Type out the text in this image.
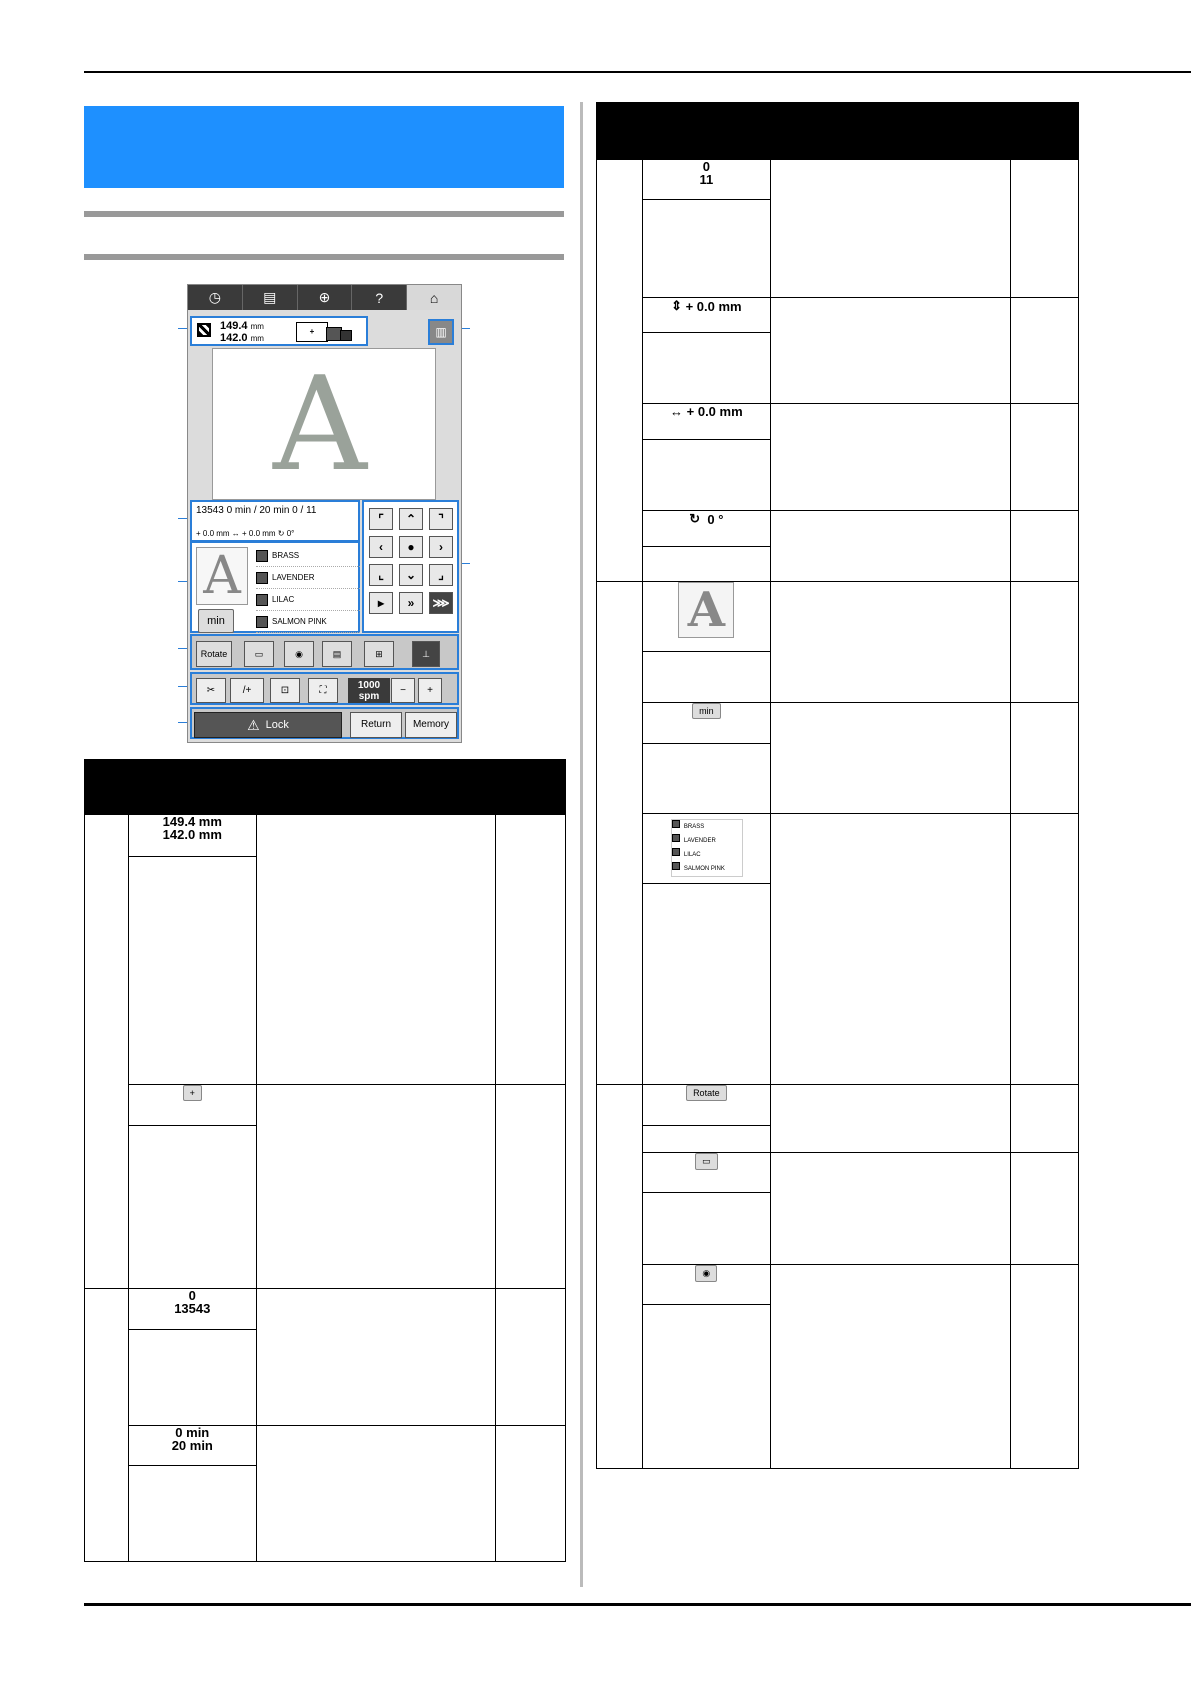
◷	▤	⊕	?	⌂
149.4 mm
142.0 mm
+	▥
A
13543 0 min / 20 min 0 / 11
+ 0.0 mm ↔ + 0.0 mm ↻ 0°
A
min
BRASS
LAVENDER
LILAC
SALMON PINK
⌜	⌃	⌝
‹	●	›
⌞	⌄	⌟
▸	»	⋙
Rotate	▭	◉	▤	⊞	⊥
✂	/+	⊡	⛶	1000
spm
−	+
⚠ Lock	Return	Memory

	149.4 mm
142.0 mm		

	+		

	0
13543		

	0 min
20 min		

	0
11		

	⇕ + 0.0 mm		

	↔ + 0.0 mm		

	↻ 0 °		

	A		

	min		

	BRASS
LAVENDER
LILAC
SALMON PINK		

	Rotate		

	▭		

	◉		
